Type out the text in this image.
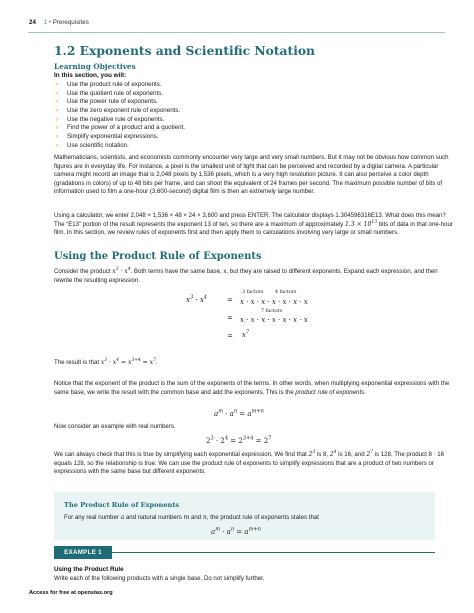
24 1 • Prerequisites
1.2 Exponents and Scientific Notation
Learning Objectives
In this section, you will:
› Use the product rule of exponents.
› Use the quotient rule of exponents.
› Use the power rule of exponents.
› Use the zero exponent rule of exponents.
› Use the negative rule of exponents.
› Find the power of a product and a quotient.
› Simplify exponential expressions.
› Use scientific notation.

Mathematicians, scientists, and economists commonly encounter very large and very small numbers. But it may not be obvious how common such figures are in everyday life. For instance, a pixel is the smallest unit of light that can be perceived and recorded by a digital camera. A particular camera might record an image that is 2,048 pixels by 1,536 pixels, which is a very high resolution picture. It can also perceive a color depth (gradations in colors) of up to 48 bits per frame, and can shoot the equivalent of 24 frames per second. The maximum possible number of bits of information used to film a one-hour (3,600-second) digital film is then an extremely large number.

Using a calculator, we enter 2,048 × 1,536 × 48 × 24 × 3,600 and press ENTER. The calculator displays 1.304596316E13. What does this mean? The “E13” portion of the result represents the exponent 13 of ten, so there are a maximum of approximately $1.3 \times 10^{13}$ bits of data in that one-hour film. In this section, we review rules of exponents first and then apply them to calculations involving very large or small numbers.

Using the Product Rule of Exponents

Consider the product $x^3 \cdot x^4$. Both terms have the same base, x, but they are raised to different exponents. Expand each expression, and then rewrite the resulting expression.

$x^3 \cdot x^4$	=
3 factors 4 factors
x · x · x · x · x · x · x
=
7 factors
x · x · x · x · x · x · x
= $x^7$

The result is that $x^3 \cdot x^4 = x^{3+4} = x^7$.

Notice that the exponent of the product is the sum of the exponents of the terms. In other words, when multiplying exponential expressions with the same base, we write the result with the common base and add the exponents. This is the product rule of exponents.

$a^m \cdot a^n = a^{m+n}$

Now consider an example with real numbers.

$2^3 \cdot 2^4 = 2^{3+4} = 2^7$

We can always check that this is true by simplifying each exponential expression. We find that $2^3$ is 8, $2^4$ is 16, and $2^7$ is 128. The product 8 · 16 equals 128, so the relationship is true. We can use the product rule of exponents to simplify expressions that are a product of two numbers or expressions with the same base but different exponents.

The Product Rule of Exponents
For any real number a and natural numbers m and n, the product rule of exponents states that
$a^m \cdot a^n = a^{m+n}$
EXAMPLE 1
Using the Product Rule
Write each of the following products with a single base. Do not simplify further.
Access for free at openstax.org
